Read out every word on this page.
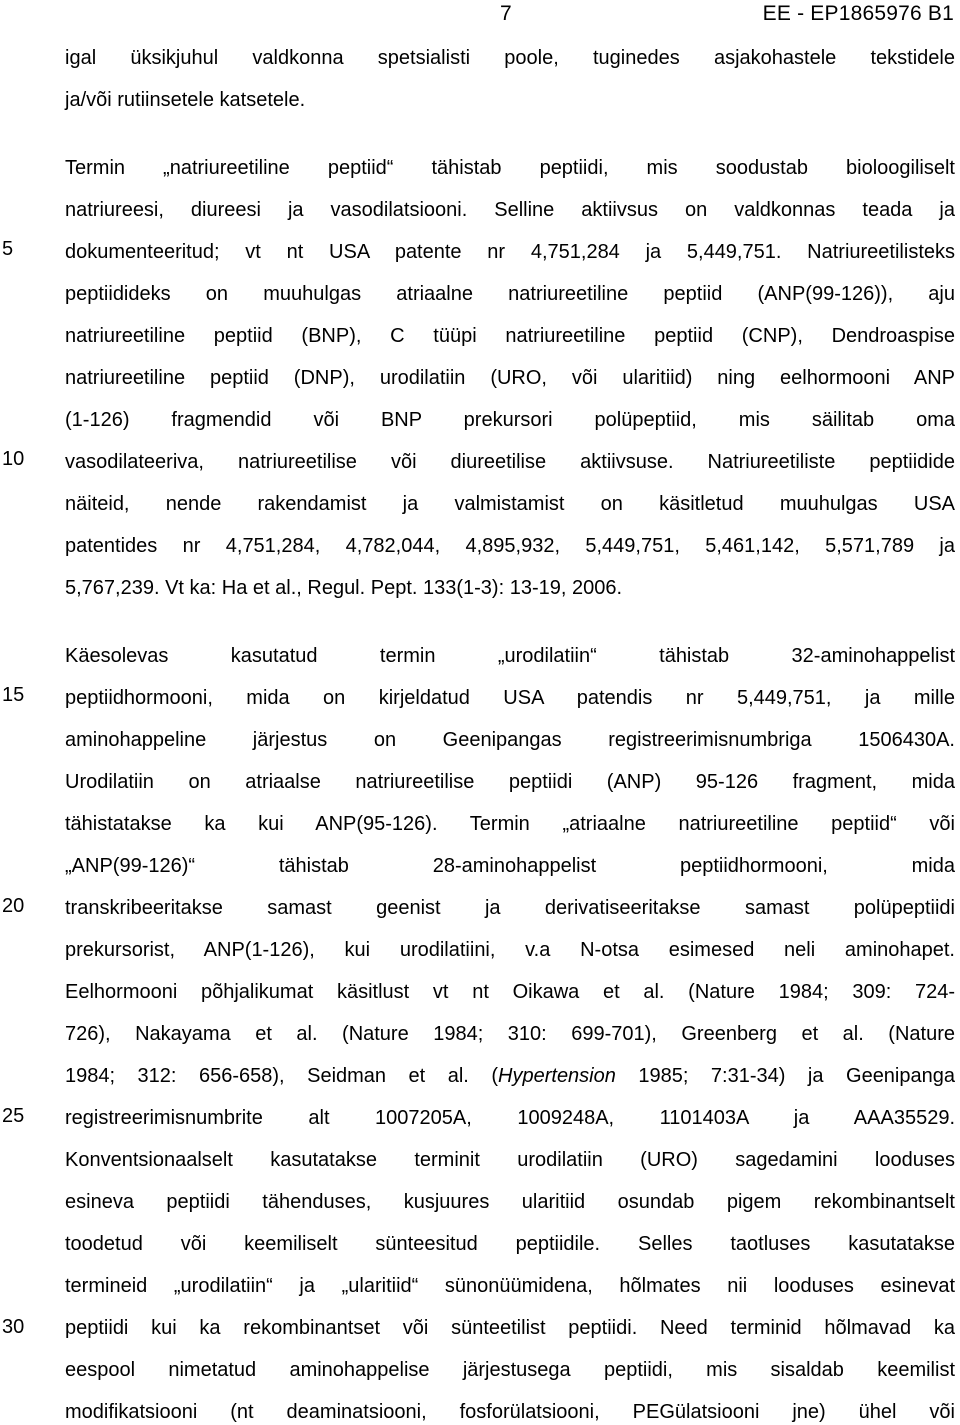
7	EE - EP1865976 B1
5
10
15
20
25
30
igal üksikjuhul valdkonna spetsialisti poole, tuginedes asjakohastele tekstidele
ja/või rutiinsetele katsetele.
Termin „natriureetiline peptiid“ tähistab peptiidi, mis soodustab bioloogiliselt
natriureesi, diureesi ja vasodilatsiooni. Selline aktiivsus on valdkonnas teada ja
dokumenteeritud; vt nt USA patente nr 4,751,284 ja 5,449,751. Natriureetilisteks
peptiidideks on muuhulgas atriaalne natriureetiline peptiid (ANP(99-126)), aju
natriureetiline peptiid (BNP), C tüüpi natriureetiline peptiid (CNP), Dendroaspise
natriureetiline peptiid (DNP), urodilatiin (URO, või ularitiid) ning eelhormooni ANP
(1-126) fragmendid või BNP prekursori polüpeptiid, mis säilitab oma
vasodilateeriva, natriureetilise või diureetilise aktiivsuse. Natriureetiliste peptiidide
näiteid, nende rakendamist ja valmistamist on käsitletud muuhulgas USA
patentides nr 4,751,284, 4,782,044, 4,895,932, 5,449,751, 5,461,142, 5,571,789 ja
5,767,239. Vt ka: Ha et al., Regul. Pept. 133(1-3): 13-19, 2006.
Käesolevas kasutatud termin „urodilatiin“ tähistab 32-aminohappelist
peptiidhormooni, mida on kirjeldatud USA patendis nr 5,449,751, ja mille
aminohappeline järjestus on Geenipangas registreerimisnumbriga 1506430A.
Urodilatiin on atriaalse natriureetilise peptiidi (ANP) 95-126 fragment, mida
tähistatakse ka kui ANP(95-126). Termin „atriaalne natriureetiline peptiid“ või
„ANP(99-126)“ tähistab 28-aminohappelist peptiidhormooni, mida
transkribeeritakse samast geenist ja derivatiseeritakse samast polüpeptiidi
prekursorist, ANP(1-126), kui urodilatiini, v.a N-otsa esimesed neli aminohapet.
Eelhormooni põhjalikumat käsitlust vt nt Oikawa et al. (Nature 1984; 309: 724-
726), Nakayama et al. (Nature 1984; 310: 699-701), Greenberg et al. (Nature
1984; 312: 656-658), Seidman et al. (Hypertension 1985; 7:31-34) ja Geenipanga
registreerimisnumbrite alt 1007205A, 1009248A, 1101403A ja AAA35529.
Konventsionaalselt kasutatakse terminit urodilatiin (URO) sagedamini looduses
esineva peptiidi tähenduses, kusjuures ularitiid osundab pigem rekombinantselt
toodetud või keemiliselt sünteesitud peptiidile. Selles taotluses kasutatakse
termineid „urodilatiin“ ja „ularitiid“ sünonüümidena, hõlmates nii looduses esinevat
peptiidi kui ka rekombinantset või sünteetilist peptiidi. Need terminid hõlmavad ka
eespool nimetatud aminohappelise järjestusega peptiidi, mis sisaldab keemilist
modifikatsiooni (nt deaminatsiooni, fosforülatsiooni, PEGülatsiooni jne) ühel või
